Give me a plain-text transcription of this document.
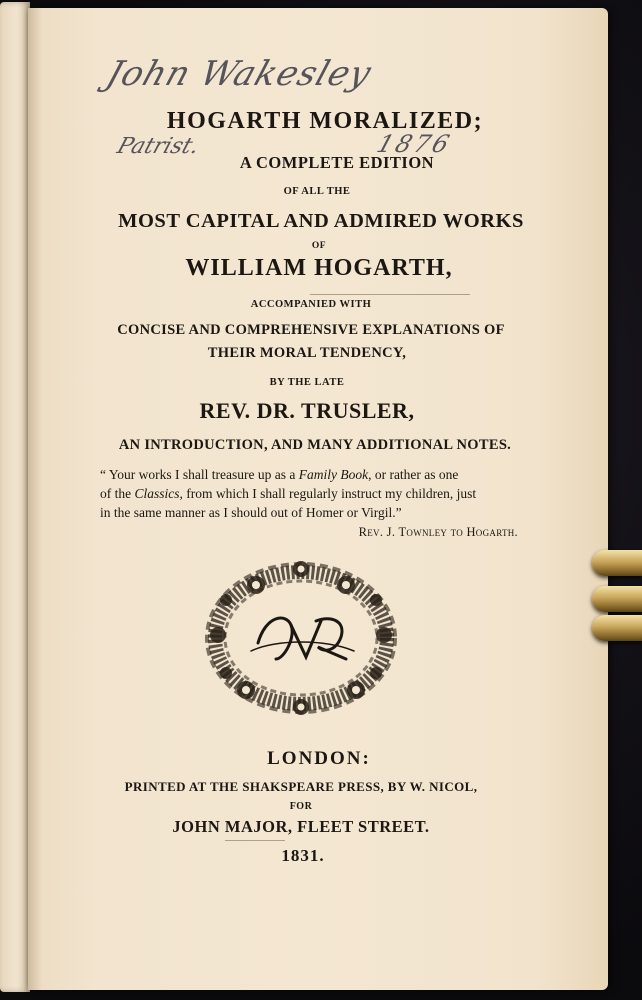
John Wakesley
Patrist.	1876
HOGARTH MORALIZED;
A COMPLETE EDITION
OF ALL THE
MOST CAPITAL AND ADMIRED WORKS
OF
WILLIAM HOGARTH,
ACCOMPANIED WITH
CONCISE AND COMPREHENSIVE EXPLANATIONS OF
THEIR MORAL TENDENCY,
BY THE LATE
REV. DR. TRUSLER,
AN INTRODUCTION, AND MANY ADDITIONAL NOTES.
“ Your works I shall treasure up as a Family Book, or rather as one
of the Classics, from which I shall regularly instruct my children, just
in the same manner as I should out of Homer or Virgil.”
Rev. J. Townley to Hogarth.
LONDON:
PRINTED AT THE SHAKSPEARE PRESS, BY W. NICOL,
FOR
JOHN MAJOR, FLEET STREET.
1831.
